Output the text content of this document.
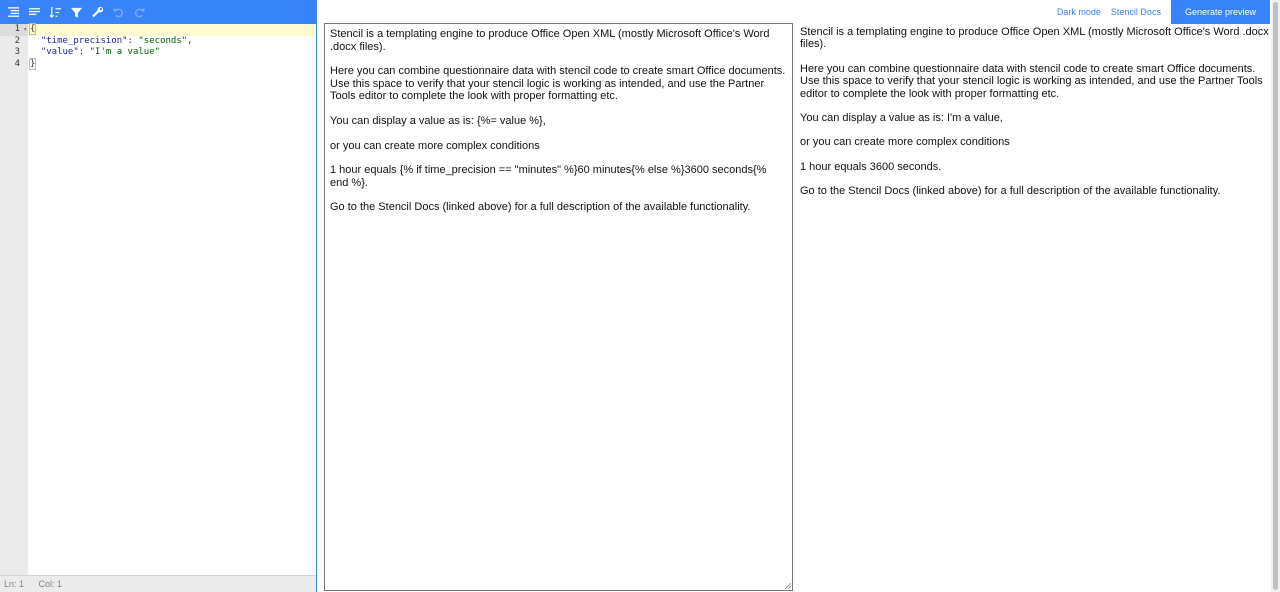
1 ▾
2
3
4
{
"time_precision": "seconds",
"value": "I'm a value"
}
Ln: 1 Col: 1
Dark mode Stencil Docs	Generate preview

Stencil is a templating engine to produce Office Open XML (mostly Microsoft Office's Word .docx files).

Here you can combine questionnaire data with stencil code to create smart Office documents. Use this space to verify that your stencil logic is working as intended, and use the Partner Tools editor to complete the look with proper formatting etc.

You can display a value as is: {%= value %},

or you can create more complex conditions

1 hour equals {% if time_precision == "minutes" %}60 minutes{% else %}3600 seconds{% end %}.

Go to the Stencil Docs (linked above) for a full description of the available functionality.

Stencil is a templating engine to produce Office Open XML (mostly Microsoft Office's Word .docx files).

Here you can combine questionnaire data with stencil code to create smart Office documents. Use this space to verify that your stencil logic is working as intended, and use the Partner Tools editor to complete the look with proper formatting etc.

You can display a value as is: I'm a value,

or you can create more complex conditions

1 hour equals 3600 seconds.

Go to the Stencil Docs (linked above) for a full description of the available functionality.
